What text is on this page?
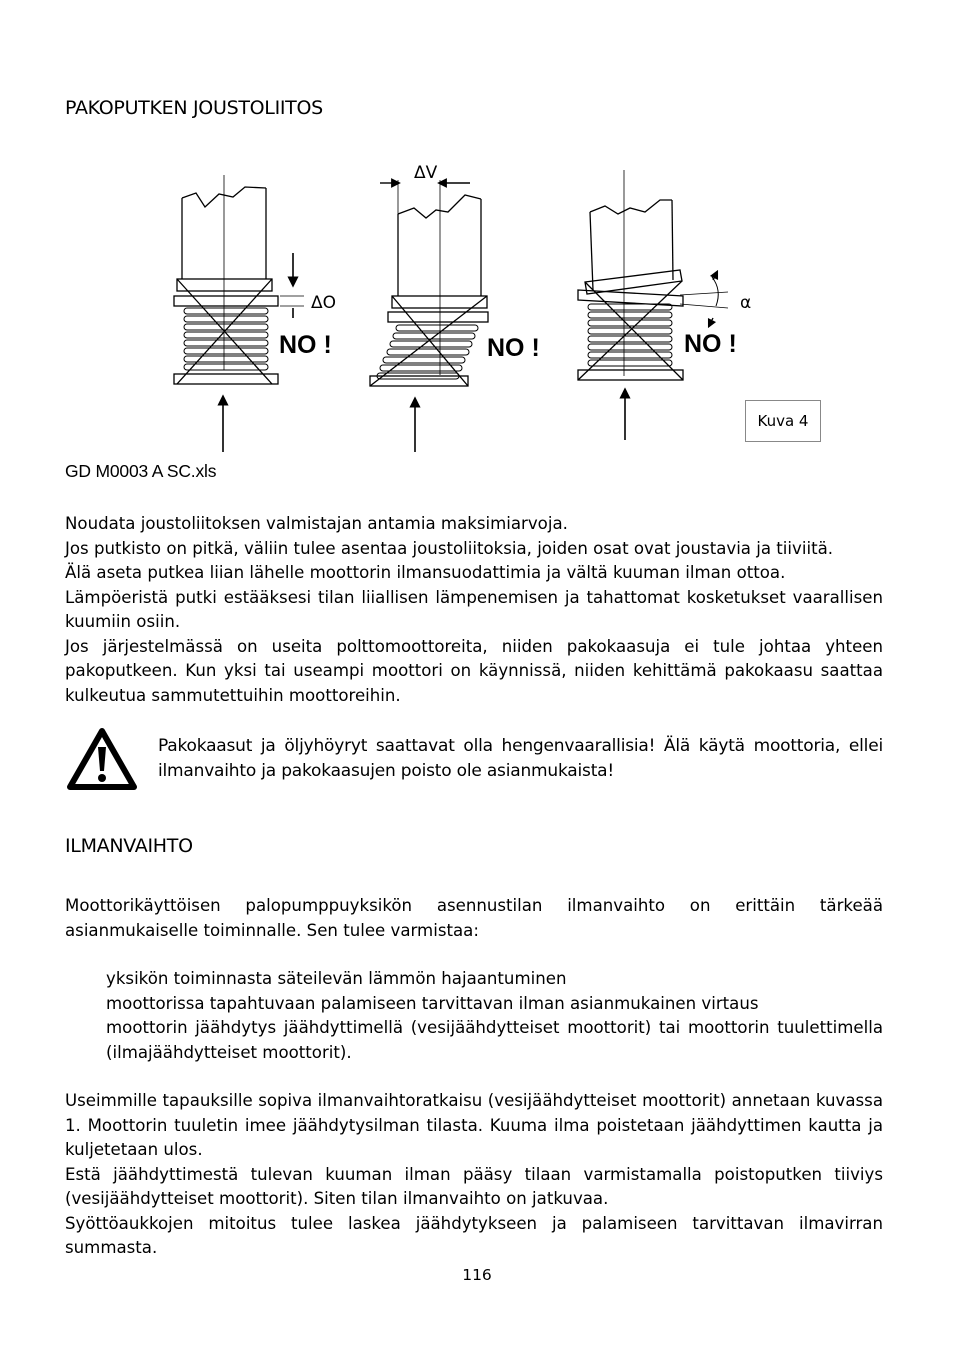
PAKOPUTKEN JOUSTOLIITOS
ΔO
NO !
ΔV
NO !
α
NO !
Kuva 4
GD M0003 A SC.xls

Noudata joustoliitoksen valmistajan antamia maksimiarvoja.

Jos putkisto on pitkä, väliin tulee asentaa joustoliitoksia, joiden osat ovat joustavia ja tiiviitä.

Älä aseta putkea liian lähelle moottorin ilmansuodattimia ja vältä kuuman ilman ottoa.

Lämpöeristä putki estääksesi tilan liiallisen lämpenemisen ja tahattomat kosketukset vaarallisen kuumiin osiin.

Jos järjestelmässä on useita polttomoottoreita, niiden pakokaasuja ei tule johtaa yhteen pakoputkeen. Kun yksi tai useampi moottori on käynnissä, niiden kehittämä pakokaasu saattaa kulkeutua sammutettuihin moottoreihin.

Pakokaasut ja öljyhöyryt saattavat olla hengenvaarallisia! Älä käytä moottoria, ellei ilmanvaihto ja pakokaasujen poisto ole asianmukaista!
ILMANVAIHTO
Moottorikäyttöisen palopumppuyksikön asennustilan ilmanvaihto on erittäin tärkeää asianmukaiselle toiminnalle. Sen tulee varmistaa:

yksikön toiminnasta säteilevän lämmön hajaantuminen

moottorissa tapahtuvaan palamiseen tarvittavan ilman asianmukainen virtaus

moottorin jäähdytys jäähdyttimellä (vesijäähdytteiset moottorit) tai moottorin tuulettimella (ilmajäähdytteiset moottorit).

Useimmille tapauksille sopiva ilmanvaihtoratkaisu (vesijäähdytteiset moottorit) annetaan kuvassa 1. Moottorin tuuletin imee jäähdytysilman tilasta. Kuuma ilma poistetaan jäähdyttimen kautta ja kuljetetaan ulos.

Estä jäähdyttimestä tulevan kuuman ilman pääsy tilaan varmistamalla poistoputken tiiviys (vesijäähdytteiset moottorit). Siten tilan ilmanvaihto on jatkuvaa.

Syöttöaukkojen mitoitus tulee laskea jäähdytykseen ja palamiseen tarvittavan ilmavirran summasta.

116
